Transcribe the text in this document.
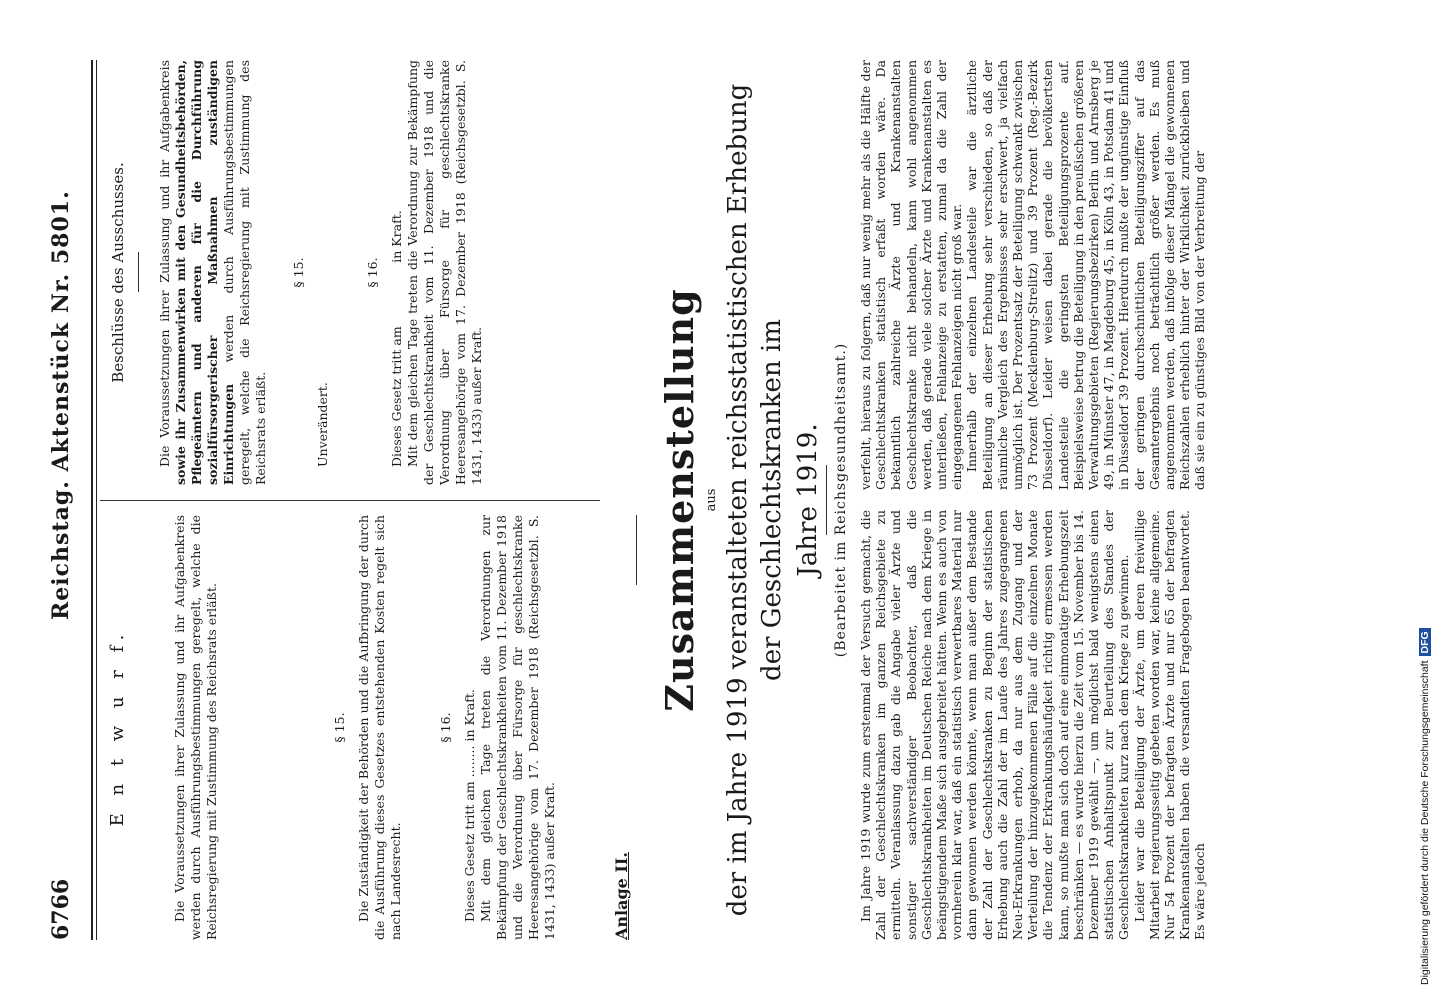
6766
Reichstag. Aktenstück Nr. 5801.
E n t w u r f.	Die Voraussetzungen ihrer Zulassung und ihr Aufgabenkreis werden durch Ausführungsbestimmungen geregelt, welche die Reichsregierung mit Zustimmung des Reichsrats erläßt.	§ 15. Die Zuständigkeit der Behörden und die Aufbringung der durch die Ausführung dieses Gesetzes entstehenden Kosten regelt sich nach Landesrecht.

§ 16. Dieses Gesetz tritt am ........ in Kraft. Mit dem gleichen Tage treten die Verordnungen zur Bekämpfung der Geschlechtskrankheiten vom 11. Dezember 1918 und die Verordnung über Fürsorge für geschlechtskranke Heeresangehörige vom 17. Dezember 1918 (Reichsgesetzbl. S. 1431, 1433) außer Kraft.

Beschlüsse des Ausschusses. Die Voraussetzungen ihrer Zulassung und ihr Aufgabenkreis sowie ihr Zusammenwirken mit den Gesundheitsbehörden, Pflegeämtern und anderen für die Durchführung sozialfürsorgerischer Maßnahmen zuständigen Einrichtungen werden durch Ausführungsbestimmungen geregelt, welche die Reichsregierung mit Zustimmung des Reichsrats erläßt.

§ 15.

Unverändert.

§ 16. Dieses Gesetz tritt am                in Kraft. Mit dem gleichen Tage treten die Verordnung zur Bekämpfung der Geschlechtskrankheit vom 11. Dezember 1918 und die Verordnung über Fürsorge für geschlechtskranke Heeresangehörige vom 17. Dezember 1918 (Reichsgesetzbl. S. 1431, 1433) außer Kraft.

Anlage II.
Zusammenstellung aus der im Jahre 1919 veranstalteten reichsstatistischen Erhebung der Geschlechtskranken im Jahre 1919. (Bearbeitet im Reichsgesundheitsamt.)

Im Jahre 1919 wurde zum erstenmal der Versuch gemacht, die Zahl der Geschlechtskranken im ganzen Reichsgebiete zu ermitteln. Veranlassung dazu gab die Angabe vieler Ärzte und sonstiger sachverständiger Beobachter, daß die Geschlechtskrankheiten im Deutschen Reiche nach dem Kriege in beängstigendem Maße sich ausgebreitet hätten. Wenn es auch von vornherein klar war, daß ein statistisch verwertbares Material nur dann gewonnen werden könnte, wenn man außer dem Bestande der Zahl der Geschlechtskranken zu Beginn der statistischen Erhebung auch die Zahl der im Laufe des Jahres zugegangenen Neu-Erkrankungen erhob, da nur aus dem Zugang und der Verteilung der hinzugekommenen Fälle auf die einzelnen Monate die Tendenz der Erkrankungshäufigkeit richtig ermessen werden kann, so mußte man sich doch auf eine einmonatige Erhebungszeit beschränken — es wurde hierzu die Zeit vom 15. November bis 14. Dezember 1919 gewählt —, um möglichst bald wenigstens einen statistischen Anhaltspunkt zur Beurteilung des Standes der Geschlechtskrankheiten kurz nach dem Kriege zu gewinnen. Leider war die Beteiligung der Ärzte, um deren freiwillige Mitarbeit regierungsseitig gebeten worden war, keine allgemeine. Nur 54 Prozent der befragten Ärzte und nur 65 der befragten Krankenanstalten haben die versandten Fragebogen beantwortet. Es wäre jedoch

verfehlt, hieraus zu folgern, daß nur wenig mehr als die Hälfte der Geschlechtskranken statistisch erfaßt worden wäre. Da bekanntlich zahlreiche Ärzte und Krankenanstalten Geschlechtskranke nicht behandeln, kann wohl angenommen werden, daß gerade viele solcher Ärzte und Krankenanstalten es unterließen, Fehlanzeige zu erstatten, zumal da die Zahl der eingegangenen Fehlanzeigen nicht groß war. Innerhalb der einzelnen Landesteile war die ärztliche Beteiligung an dieser Erhebung sehr verschieden, so daß der räumliche Vergleich des Ergebnisses sehr erschwert, ja vielfach unmöglich ist. Der Prozentsatz der Beteiligung schwankt zwischen 73 Prozent (Mecklenburg-Strelitz) und 39 Prozent (Reg.-Bezirk Düsseldorf). Leider weisen dabei gerade die bevölkertsten Landesteile die geringsten Beteiligungsprozente auf. Beispielsweise betrug die Beteiligung in den preußischen größeren Verwaltungsgebieten (Regierungsbezirken) Berlin und Arnsberg je 49, in Münster 47, in Magdeburg 45, in Köln 43, in Potsdam 41 und in Düsseldorf 39 Prozent. Hierdurch mußte der ungünstige Einfluß der geringen durchschnittlichen Beteiligungsziffer auf das Gesamtergebnis noch beträchtlich größer werden. Es muß angenommen werden, daß infolge dieser Mängel die gewonnenen Reichszahlen erheblich hinter der Wirklichkeit zurückbleiben und daß sie ein zu günstiges Bild von der Verbreitung der

Digitalisierung gefördert durch die Deutsche ForschungsgemeinschaftDFG
